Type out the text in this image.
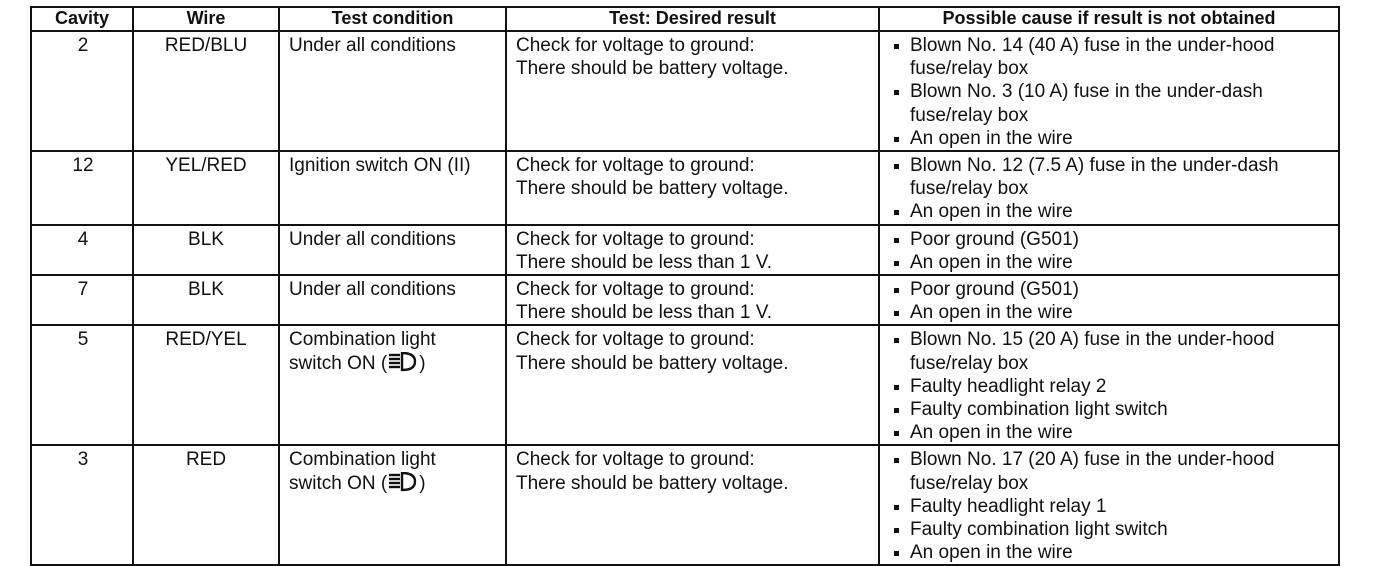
Cavity	Wire	Test condition	Test: Desired result	Possible cause if result is not obtained
2	RED/BLU	Under all conditions	Check for voltage to ground:
There should be battery voltage.	Blown No. 14 (40 A) fuse in the under-hood
fuse/relay box
Blown No. 3 (10 A) fuse in the under-dash
fuse/relay box
An open in the wire

12	YEL/RED	Ignition switch ON (II)	Check for voltage to ground:
There should be battery voltage.	Blown No. 12 (7.5 A) fuse in the under-dash
fuse/relay box
An open in the wire

4	BLK	Under all conditions	Check for voltage to ground:
There should be less than 1 V.	Poor ground (G501)
An open in the wire

7	BLK	Under all conditions	Check for voltage to ground:
There should be less than 1 V.	Poor ground (G501)
An open in the wire

5	RED/YEL	Combination light
switch ON ( )	Check for voltage to ground:
There should be battery voltage.	Blown No. 15 (20 A) fuse in the under-hood
fuse/relay box
Faulty headlight relay 2
Faulty combination light switch
An open in the wire

3	RED	Combination light
switch ON ( )	Check for voltage to ground:
There should be battery voltage.	Blown No. 17 (20 A) fuse in the under-hood
fuse/relay box
Faulty headlight relay 1
Faulty combination light switch
An open in the wire
